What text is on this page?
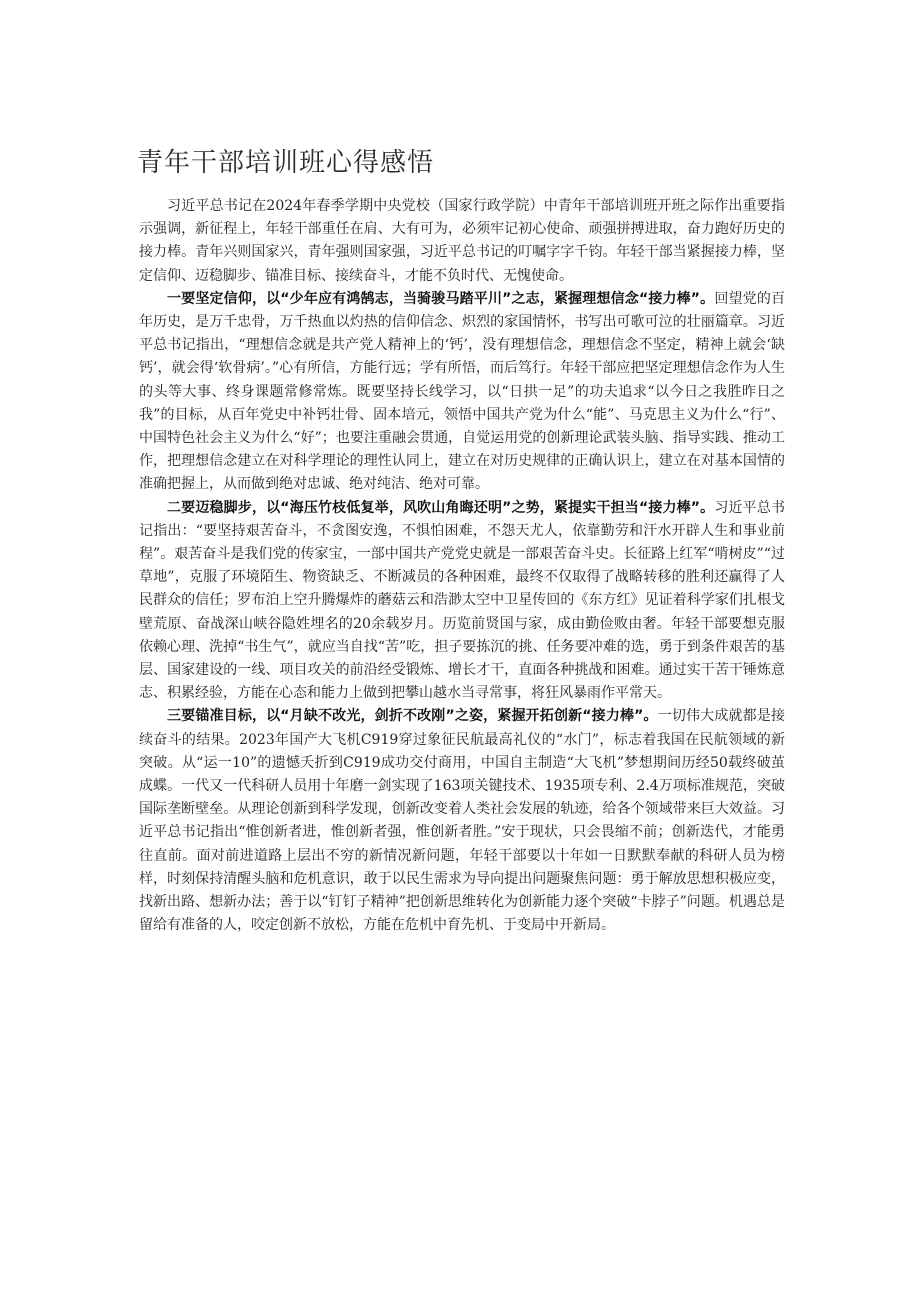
青年干部培训班心得感悟

习近平总书记在2024年春季学期中央党校（国家行政学院）中青年干部培训班开班之际作出重要指示强调，新征程上，年轻干部重任在肩、大有可为，必须牢记初心使命、顽强拼搏进取，奋力跑好历史的接力棒。青年兴则国家兴，青年强则国家强，习近平总书记的叮嘱字字千钧。年轻干部当紧握接力棒，坚定信仰、迈稳脚步、锚准目标、接续奋斗，才能不负时代、无愧使命。

一要坚定信仰，以“少年应有鸿鹄志，当骑骏马踏平川”之志，紧握理想信念“接力棒”。回望党的百年历史，是万千忠骨，万千热血以灼热的信仰信念、炽烈的家国情怀，书写出可歌可泣的壮丽篇章。习近平总书记指出，“理想信念就是共产党人精神上的‘钙’，没有理想信念，理想信念不坚定，精神上就会‘缺钙’，就会得‘软骨病’。”心有所信，方能行远；学有所悟，而后笃行。年轻干部应把坚定理想信念作为人生的头等大事、终身课题常修常炼。既要坚持长线学习，以“日拱一足”的功夫追求“以今日之我胜昨日之我”的目标，从百年党史中补钙壮骨、固本培元，领悟中国共产党为什么“能”、马克思主义为什么“行”、中国特色社会主义为什么“好”；也要注重融会贯通，自觉运用党的创新理论武装头脑、指导实践、推动工作，把理想信念建立在对科学理论的理性认同上，建立在对历史规律的正确认识上，建立在对基本国情的准确把握上，从而做到绝对忠诚、绝对纯洁、绝对可靠。

二要迈稳脚步，以“海压竹枝低复举，风吹山角晦还明”之势，紧提实干担当“接力棒”。习近平总书记指出：“要坚持艰苦奋斗，不贪图安逸，不惧怕困难，不怨天尤人，依靠勤劳和汗水开辟人生和事业前程”。艰苦奋斗是我们党的传家宝，一部中国共产党党史就是一部艰苦奋斗史。长征路上红军“啃树皮”“过草地”，克服了环境陌生、物资缺乏、不断减员的各种困难，最终不仅取得了战略转移的胜利还赢得了人民群众的信任；罗布泊上空升腾爆炸的蘑菇云和浩渺太空中卫星传回的《东方红》见证着科学家们扎根戈壁荒原、奋战深山峡谷隐姓埋名的20余载岁月。历览前贤国与家，成由勤俭败由奢。年轻干部要想克服依赖心理、洗掉“书生气”，就应当自找“苦”吃，担子要拣沉的挑、任务要冲难的选，勇于到条件艰苦的基层、国家建设的一线、项目攻关的前沿经受锻炼、增长才干，直面各种挑战和困难。通过实干苦干锤炼意志、积累经验，方能在心态和能力上做到把攀山越水当寻常事，将狂风暴雨作平常天。

三要锚准目标，以“月缺不改光，剑折不改刚”之姿，紧握开拓创新“接力棒”。一切伟大成就都是接续奋斗的结果。2023年国产大飞机C919穿过象征民航最高礼仪的“水门”，标志着我国在民航领域的新突破。从“运一10”的遗憾夭折到C919成功交付商用，中国自主制造“大飞机”梦想期间历经50载终破茧成蝶。一代又一代科研人员用十年磨一剑实现了163项关键技术、1935项专利、2.4万项标准规范，突破国际垄断壁垒。从理论创新到科学发现，创新改变着人类社会发展的轨迹，给各个领域带来巨大效益。习近平总书记指出“惟创新者进，惟创新者强，惟创新者胜。”安于现状，只会畏缩不前；创新迭代，才能勇往直前。面对前进道路上层出不穷的新情况新问题，年轻干部要以十年如一日默默奉献的科研人员为榜样，时刻保持清醒头脑和危机意识，敢于以民生需求为导向提出问题聚焦问题：勇于解放思想积极应变，找新出路、想新办法；善于以“钉钉子精神”把创新思维转化为创新能力逐个突破“卡脖子”问题。机遇总是留给有准备的人，咬定创新不放松，方能在危机中育先机、于变局中开新局。
